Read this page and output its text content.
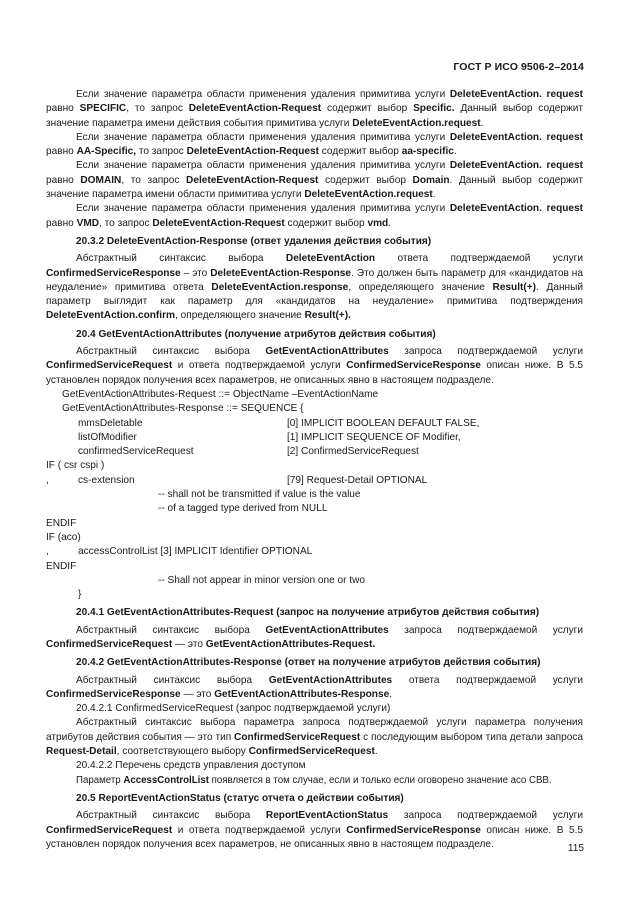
ГОСТ Р ИСО 9506-2–2014

Если значение параметра области применения удаления примитива услуги DeleteEventAction. request равно SPECIFIC, то запрос DeleteEventAction-Request содержит выбор Specific. Данный выбор содержит значение параметра имени действия события примитива услуги DeleteEventAction.request.

Если значение параметра области применения удаления примитива услуги DeleteEventAction. request равно AA-Specific, то запрос DeleteEventAction-Request содержит выбор aa-specific.

Если значение параметра области применения удаления примитива услуги DeleteEventAction. request равно DOMAIN, то запрос DeleteEventAction-Request содержит выбор Domain. Данный выбор содержит значение параметра имени области примитива услуги DeleteEventAction.request.

Если значение параметра области применения удаления примитива услуги DeleteEventAction. request равно VMD, то запрос DeleteEventAction-Request содержит выбор vmd.

20.3.2 DeleteEventAction-Response (ответ удаления действия события)

Абстрактный синтаксис выбора DeleteEventAction ответа подтверждаемой услуги ConfirmedServiceResponse – это DeleteEventAction-Response. Это должен быть параметр для «кандидатов на неудаление» примитива ответа DeleteEventAction.response, определяющего значение Result(+). Данный параметр выглядит как параметр для «кандидатов на неудаление» примитива подтверждения DeleteEventAction.confirm, определяющего значение Result(+).

20.4 GetEventActionAttributes (получение атрибутов действия события)

Абстрактный синтаксис выбора GetEventActionAttributes запроса подтверждаемой услуги ConfirmedServiceRequest и ответа подтверждаемой услуги ConfirmedServiceResponse описан ниже. В 5.5 установлен порядок получения всех параметров, не описанных явно в настоящем подразделе.

GetEventActionAttributes-Request ::= ObjectName –EventActionName
GetEventActionAttributes-Response ::= SEQUENCE {
mmsDeletable	[0] IMPLICIT BOOLEAN DEFAULT FALSE,
listOfModifier	[1] IMPLICIT SEQUENCE OF Modifier,
confirmedServiceRequest	[2] ConfirmedServiceRequest
IF ( csr cspi )
,	cs-extension	[79] Request-Detail OPTIONAL
-- shall not be transmitted if value is the value
-- of a tagged type derived from NULL
ENDIF
IF (aco)
,	accessControlList [3] IMPLICIT Identifier OPTIONAL
ENDIF
-- Shall not appear in minor version one or two
}
20.4.1 GetEventActionAttributes-Request (запрос на получение атрибутов действия события)

Абстрактный синтаксис выбора GetEventActionAttributes запроса подтверждаемой услуги ConfirmedServiceRequest — это GetEventActionAttributes-Request.

20.4.2 GetEventActionAttributes-Response (ответ на получение атрибутов действия события)

Абстрактный синтаксис выбора GetEventActionAttributes ответа подтверждаемой услуги ConfirmedServiceResponse — это GetEventActionAttributes-Response.

20.4.2.1 ConfirmedServiceRequest (запрос подтверждаемой услуги)

Абстрактный синтаксис выбора параметра запроса подтверждаемой услуги параметра получения атрибутов действия события — это тип ConfirmedServiceRequest с последующим выбором типа детали запроса Request-Detail, соответствующего выбору ConfirmedServiceRequest.

20.4.2.2 Перечень средств управления доступом

Параметр AccessControlList появляется в том случае, если и только если оговорено значение aco CBB.

20.5 ReportEventActionStatus (статус отчета о действии события)

Абстрактный синтаксис выбора ReportEventActionStatus запроса подтверждаемой услуги ConfirmedServiceRequest и ответа подтверждаемой услуги ConfirmedServiceResponse описан ниже. В 5.5 установлен порядок получения всех параметров, не описанных явно в настоящем подразделе.	115
